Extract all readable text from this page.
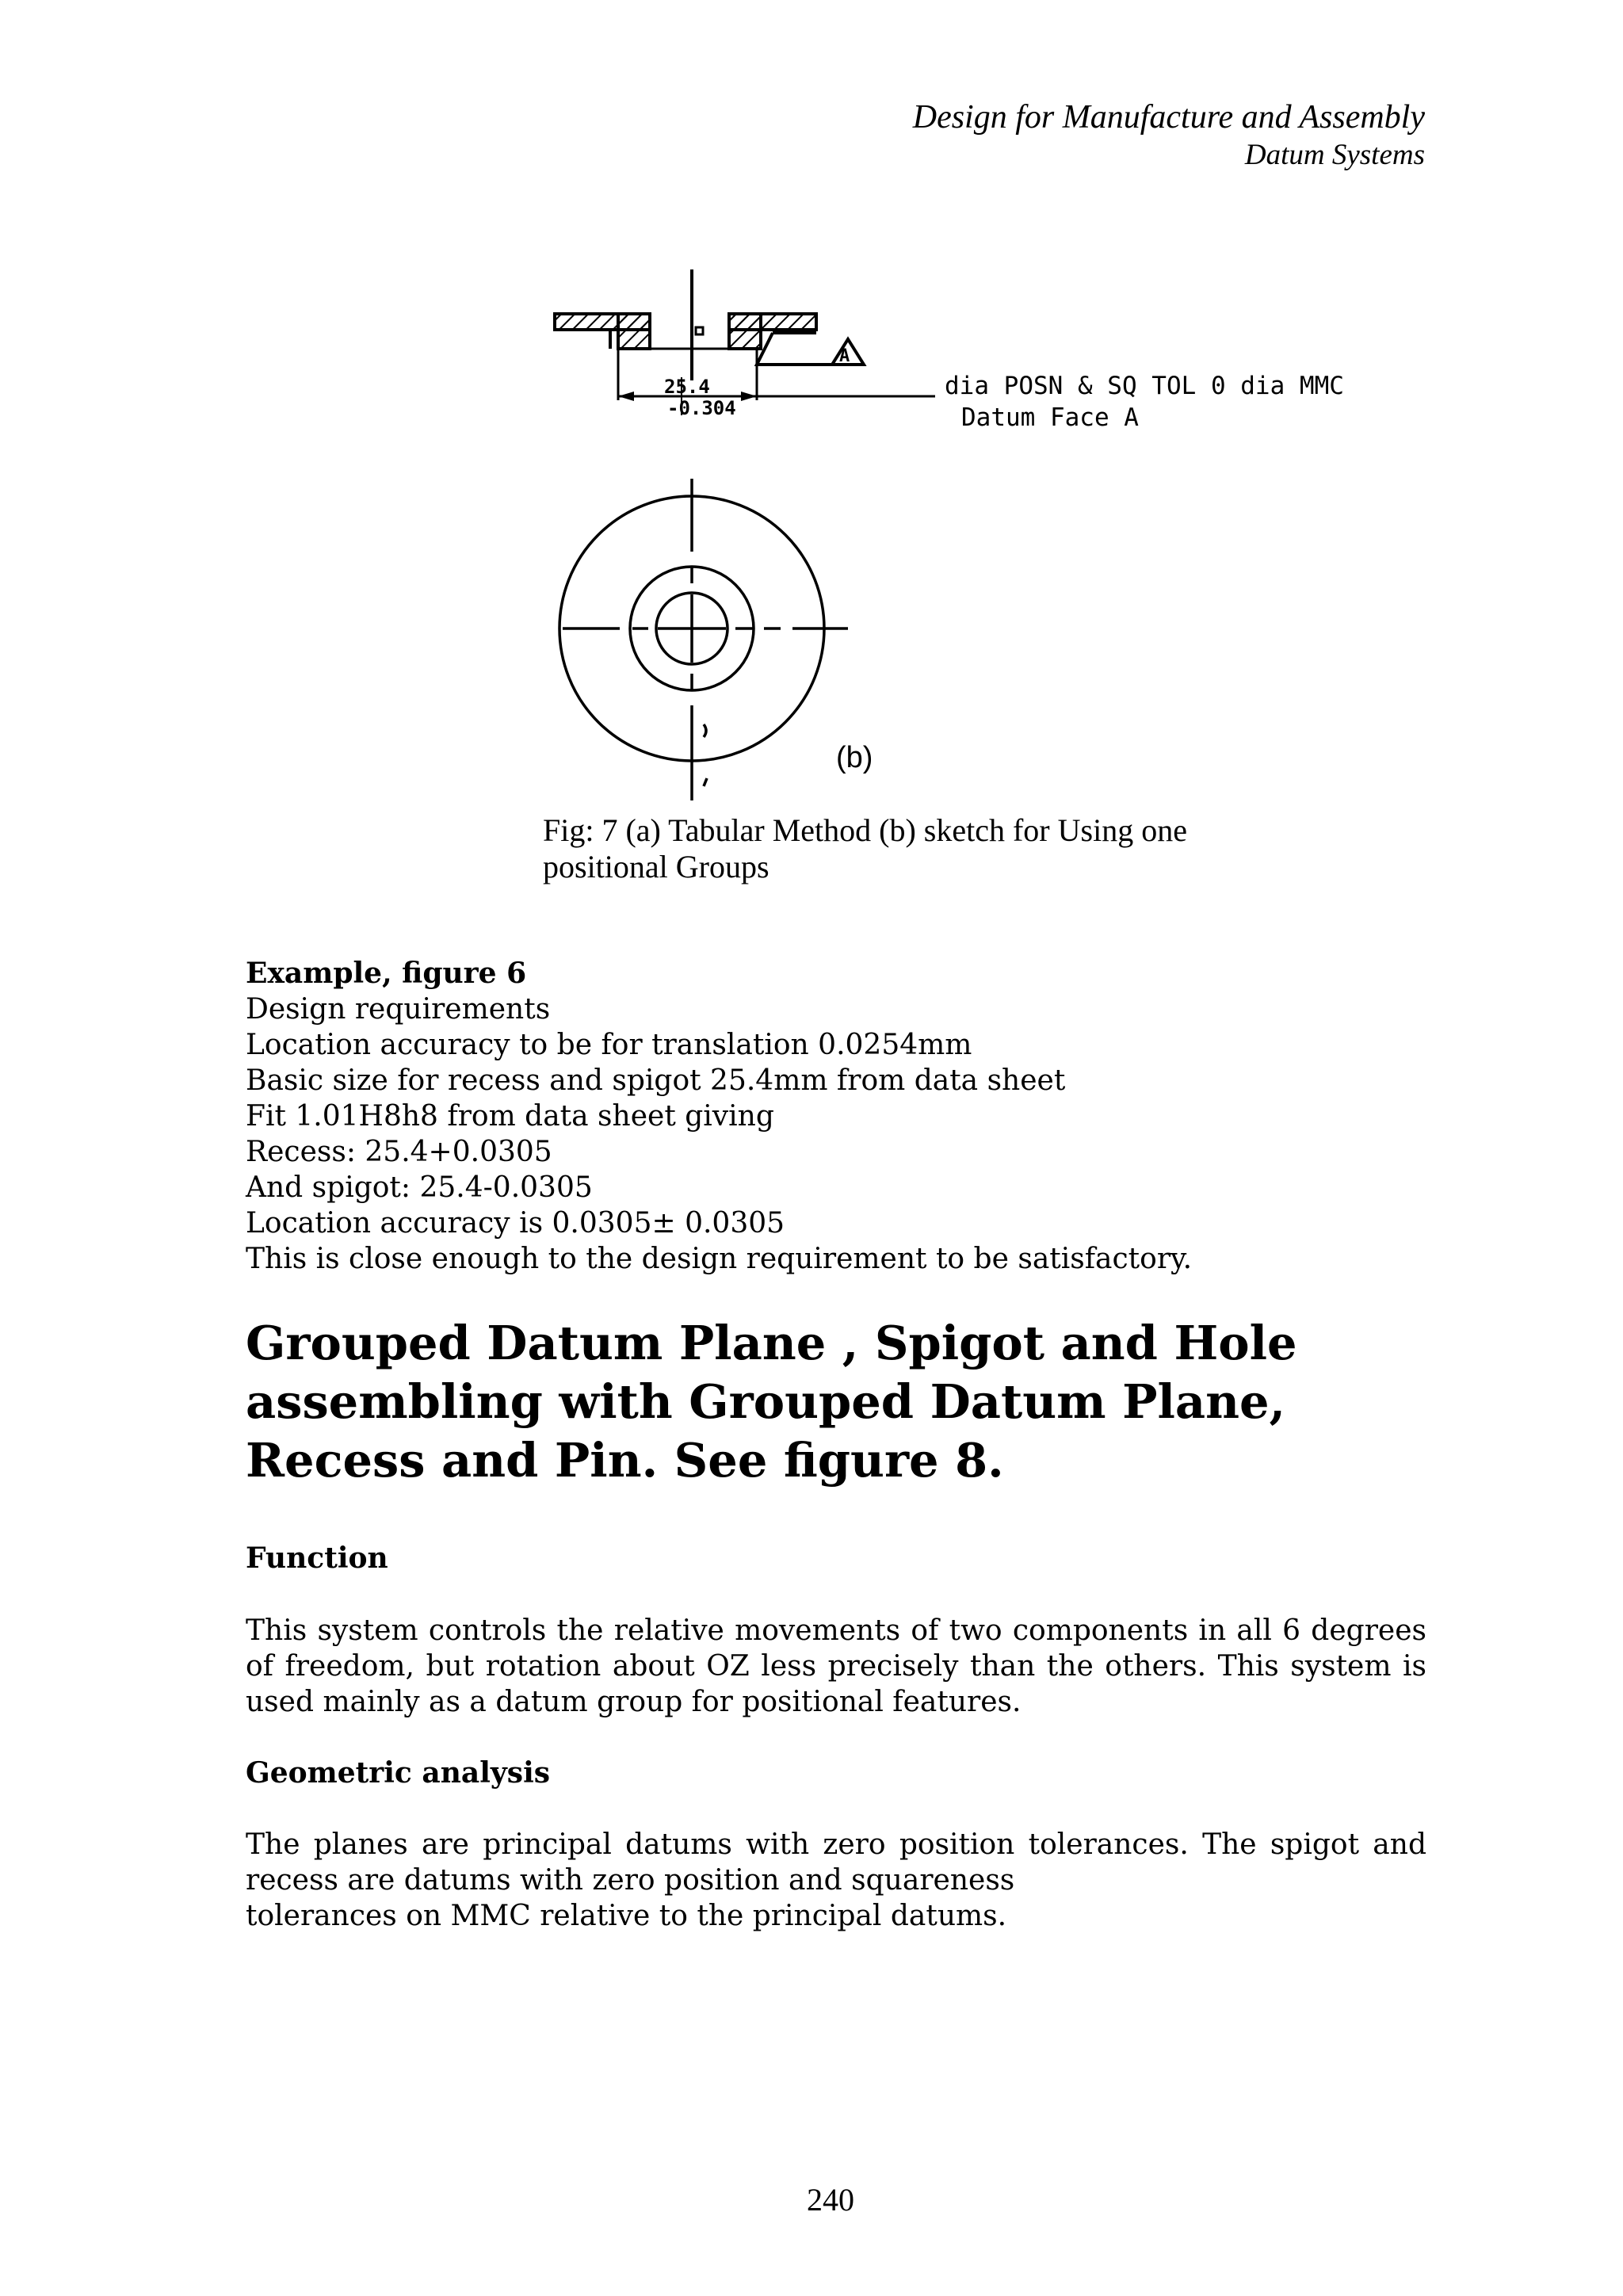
Design for Manufacture and Assembly
Datum Systems
25.4
-0.304
A
dia POSN & SQ TOL 0 dia MMC
Datum Face A
(b)
Fig: 7 (a) Tabular Method (b) sketch for Using one
positional Groups
Example, figure 6
Design requirements
Location accuracy to be for translation 0.0254mm
Basic size for recess and spigot 25.4mm from data sheet
Fit 1.01H8h8 from data sheet giving
Recess: 25.4+0.0305
And spigot: 25.4-0.0305
Location accuracy is 0.0305± 0.0305
This is close enough to the design requirement to be satisfactory.
Grouped Datum Plane , Spigot and Hole
assembling with Grouped Datum Plane,
Recess and Pin. See figure 8.
Function
This system controls the relative movements of two components in all 6 degrees of freedom, but rotation about OZ less precisely than the others. This system is used mainly as a datum group for positional features.
Geometric analysis
The planes are principal datums with zero position tolerances. The spigot and
recess are datums with zero position and squareness
tolerances on MMC relative to the principal datums.
240
